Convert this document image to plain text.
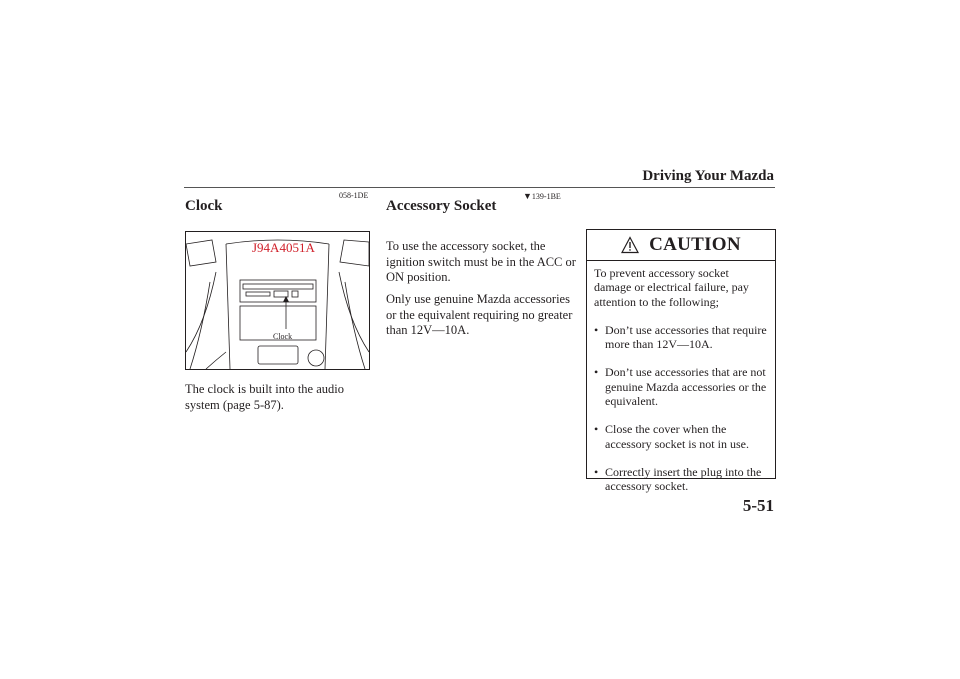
Driving Your Mazda
058-1DE
Clock
J94A4051A
Clock
The clock is built into the audio system (page 5-87).
▼139-1BE
Accessory Socket
To use the accessory socket, the ignition switch must be in the ACC or ON position.
Only use genuine Mazda accessories or the equivalent requiring no greater than 12V—10A.
CAUTION
To prevent accessory socket damage or electrical failure, pay attention to the following;
• Don’t use accessories that require more than 12V—10A.
• Don’t use accessories that are not genuine Mazda accessories or the equivalent.
• Close the cover when the accessory socket is not in use.
• Correctly insert the plug into the accessory socket.
5-51
